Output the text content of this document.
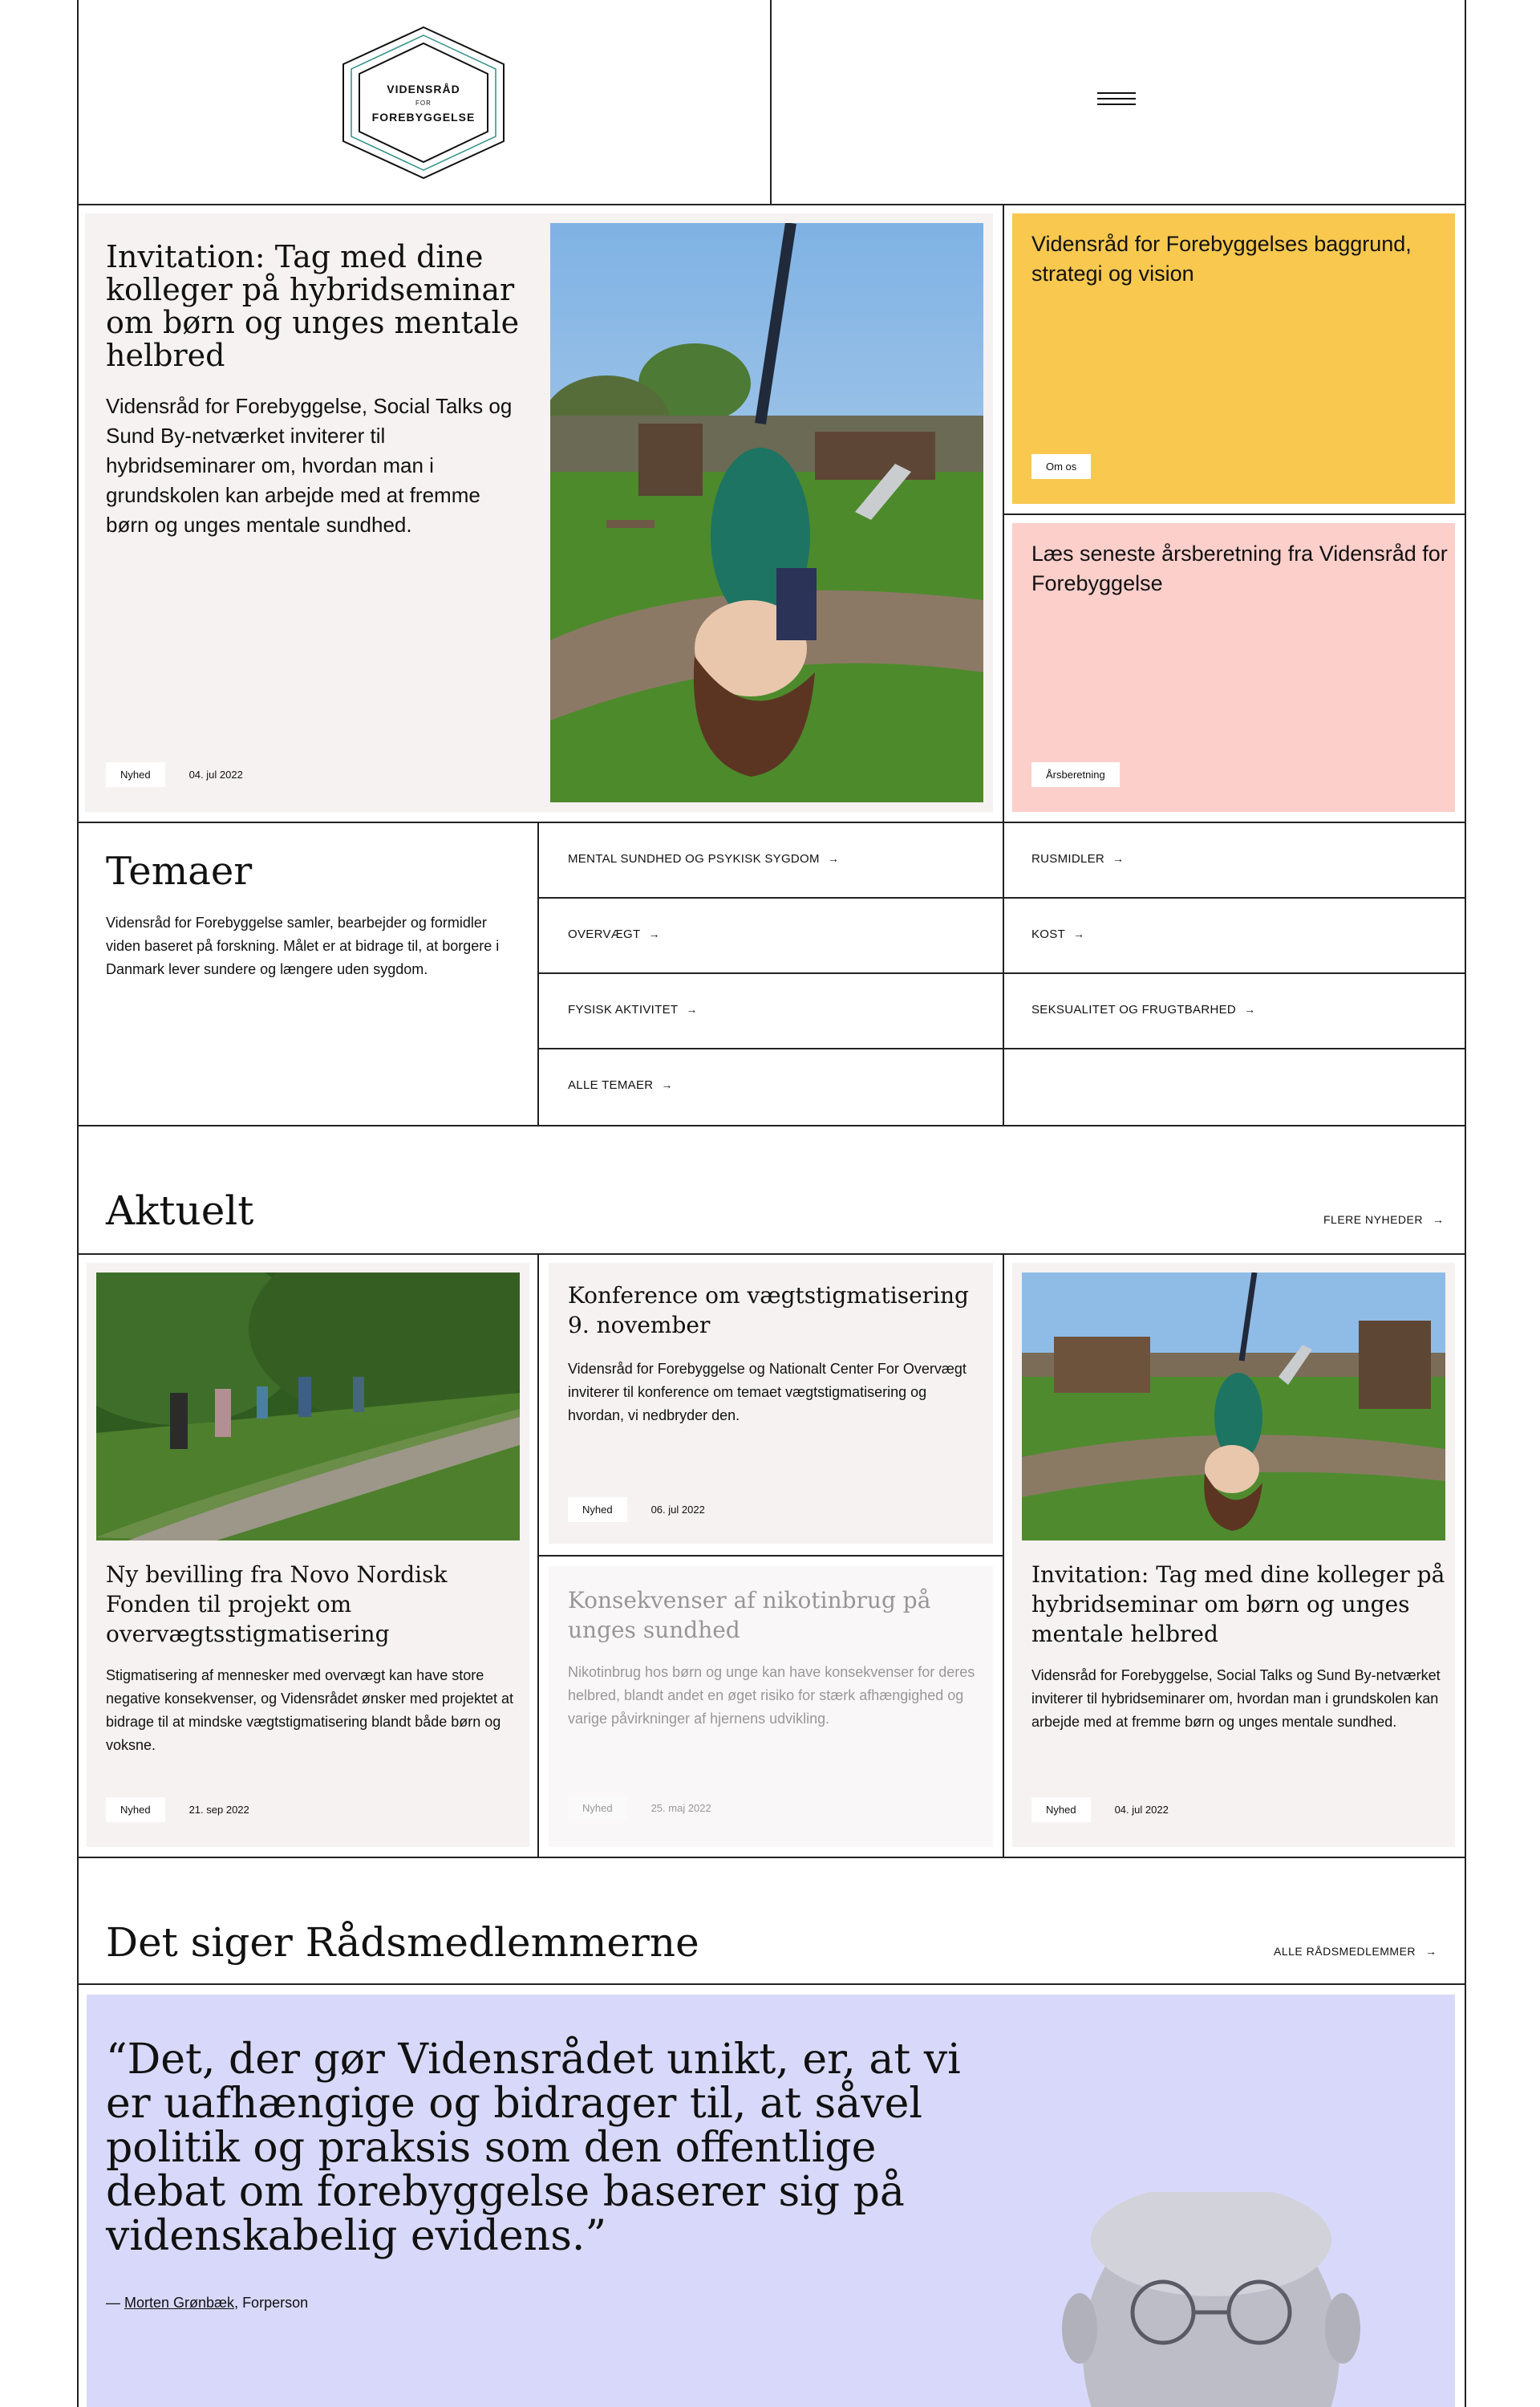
VIDENSRÅD
FOR
FOREBYGGELSE
Invitation: Tag med dine kolleger på hybridseminar om børn og unges mentale helbred

Vidensråd for Forebyggelse, Social Talks og Sund By-netværket inviterer til hybridseminarer om, hvordan man i grundskolen kan arbejde med at fremme børn og unges mentale sundhed.

Nyhed	04. jul 2022
Vidensråd for Forebyggelses baggrund, strategi og vision
Om os
Læs seneste årsberetning fra Vidensråd for Forebyggelse
Årsberetning
Temaer

Vidensråd for Forebyggelse samler, bearbejder og formidler viden baseret på forskning. Målet er at bidrage til, at borgere i Danmark lever sundere og længere uden sygdom.

MENTAL SUNDHED OG PSYKISK SYGDOM →	RUSMIDLER →
OVERVÆGT →	KOST →
FYSISK AKTIVITET →	SEKSUALITET OG FRUGTBARHED →
ALLE TEMAER →
Aktuelt	FLERE NYHEDER →
Ny bevilling fra Novo Nordisk Fonden til projekt om overvægtsstigmatisering
Stigmatisering af mennesker med overvægt kan have store negative konsekvenser, og Vidensrådet ønsker med projektet at bidrage til at mindske vægtstigmatisering blandt både børn og voksne.
Nyhed	21. sep 2022
Konference om vægtstigmatisering 9. november
Vidensråd for Forebyggelse og Nationalt Center For Overvægt inviterer til konference om temaet vægtstigmatisering og hvordan, vi nedbryder den.
Nyhed	06. jul 2022
Konsekvenser af nikotinbrug på unges sundhed
Nikotinbrug hos børn og unge kan have konsekvenser for deres helbred, blandt andet en øget risiko for stærk afhængighed og varige påvirkninger af hjernens udvikling.
Nyhed	25. maj 2022
Invitation: Tag med dine kolleger på hybridseminar om børn og unges mentale helbred
Vidensråd for Forebyggelse, Social Talks og Sund By-netværket inviterer til hybridseminarer om, hvordan man i grundskolen kan arbejde med at fremme børn og unges mentale sundhed.
Nyhed	04. jul 2022
Det siger Rådsmedlemmerne	ALLE RÅDSMEDLEMMER →
“Det, der gør Vidensrådet unikt, er, at vi er uafhængige og bidrager til, at såvel politik og praksis som den offentlige debat om forebyggelse baserer sig på videnskabelig evidens.”
— Morten Grønbæk, Forperson
